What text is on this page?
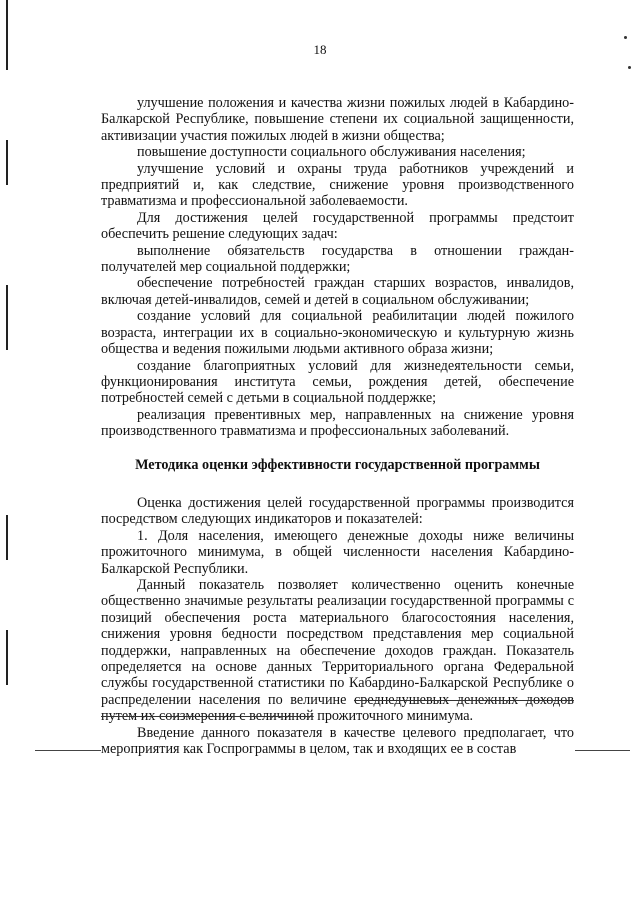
18

улучшение положения и качества жизни пожилых людей в Кабардино-Балкарской Республике, повышение степени их социальной защищенности, активизации участия пожилых людей в жизни общества;

повышение доступности социального обслуживания населения;

улучшение условий и охраны труда работников учреждений и предприятий и, как следствие, снижение уровня производственного травматизма и профессиональной заболеваемости.

Для достижения целей государственной программы предстоит обеспечить решение следующих задач:

выполнение обязательств государства в отношении граждан-получателей мер социальной поддержки;

обеспечение потребностей граждан старших возрастов, инвалидов, включая детей-инвалидов, семей и детей в социальном обслуживании;

создание условий для социальной реабилитации людей пожилого возраста, интеграции их в социально-экономическую и культурную жизнь общества и ведения пожилыми людьми активного образа жизни;

создание благоприятных условий для жизнедеятельности семьи, функционирования института семьи, рождения детей, обеспечение потребностей семей с детьми в социальной поддержке;

реализация превентивных мер, направленных на снижение уровня производственного травматизма и профессиональных заболеваний.

Методика оценки эффективности государственной программы

Оценка достижения целей государственной программы производится посредством следующих индикаторов и показателей:

1. Доля населения, имеющего денежные доходы ниже величины прожиточного минимума, в общей численности населения Кабардино-Балкарской Республики.

Данный показатель позволяет количественно оценить конечные общественно значимые результаты реализации государственной программы с позиций обеспечения роста материального благосостояния населения, снижения уровня бедности посредством представления мер социальной поддержки, направленных на обеспечение доходов граждан. Показатель определяется на основе данных Территориального органа Федеральной службы государственной статистики по Кабардино-Балкарской Республике о распределении населения по величине среднедушевых денежных доходов путем их соизмерения с величиной прожиточного минимума.

Введение данного показателя в качестве целевого предполагает, что мероприятия как Госпрограммы в целом, так и входящих ее в состав
